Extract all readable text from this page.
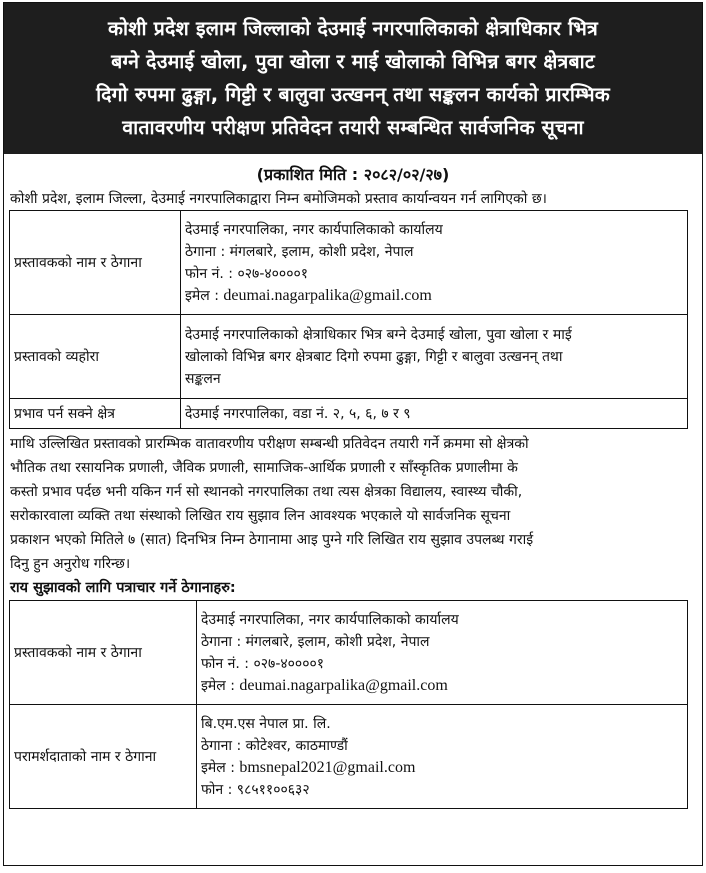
कोशी प्रदेश इलाम जिल्लाको देउमाई नगरपालिकाको क्षेत्राधिकार भित्र
बग्ने देउमाई खोला, पुवा खोला र माई खोलाको विभिन्न बगर क्षेत्रबाट
दिगो रुपमा ढुङ्गा, गिट्टी र बालुवा उत्खनन् तथा सङ्कलन कार्यको प्रारम्भिक
वातावरणीय परीक्षण प्रतिवेदन तयारी सम्बन्धित सार्वजनिक सूचना
(प्रकाशित मिति : २०८२/०२/२७)
कोशी प्रदेश, इलाम जिल्ला, देउमाई नगरपालिकाद्वारा निम्न बमोजिमको प्रस्ताव कार्यान्वयन गर्न लागिएको छ।
प्रस्तावकको नाम र ठेगाना	देउमाई नगरपालिका, नगर कार्यपालिकाको कार्यालय
ठेगाना : मंगलबारे, इलाम, कोशी प्रदेश, नेपाल
फोन नं. : ०२७-४००००१
इमेल : deumai.nagarpalika@gmail.com

प्रस्तावको व्यहोरा	देउमाई नगरपालिकाको क्षेत्राधिकार भित्र बग्ने देउमाई खोला, पुवा खोला र माई
खोलाको विभिन्न बगर क्षेत्रबाट दिगो रुपमा ढुङ्गा, गिट्टी र बालुवा उत्खनन् तथा
सङ्कलन

प्रभाव पर्न सक्ने क्षेत्र	देउमाई नगरपालिका, वडा नं. २, ५, ६, ७ र ९
माथि उल्लिखित प्रस्तावको प्रारम्भिक वातावरणीय परीक्षण सम्बन्धी प्रतिवेदन तयारी गर्ने क्रममा सो क्षेत्रको
भौतिक तथा रसायनिक प्रणाली, जैविक प्रणाली, सामाजिक-आर्थिक प्रणाली र साँस्कृतिक प्रणालीमा के
कस्तो प्रभाव पर्दछ भनी यकिन गर्न सो स्थानको नगरपालिका तथा त्यस क्षेत्रका विद्यालय, स्वास्थ्य चौकी,
सरोकारवाला व्यक्ति तथा संस्थाको लिखित राय सुझाव लिन आवश्यक भएकाले यो सार्वजनिक सूचना
प्रकाशन भएको मितिले ७ (सात) दिनभित्र निम्न ठेगानामा आइ पुग्ने गरि लिखित राय सुझाव उपलब्ध गराई
दिनु हुन अनुरोध गरिन्छ।
राय सुझावको लागि पत्राचार गर्ने ठेगानाहरु:
प्रस्तावकको नाम र ठेगाना	देउमाई नगरपालिका, नगर कार्यपालिकाको कार्यालय
ठेगाना : मंगलबारे, इलाम, कोशी प्रदेश, नेपाल
फोन नं. : ०२७-४००००१
इमेल : deumai.nagarpalika@gmail.com

परामर्शदाताको नाम र ठेगाना	बि.एम.एस नेपाल प्रा. लि.
ठेगाना : कोटेश्वर, काठमाण्डौं
इमेल : bmsnepal2021@gmail.com
फोन : ९८५११००६३२
